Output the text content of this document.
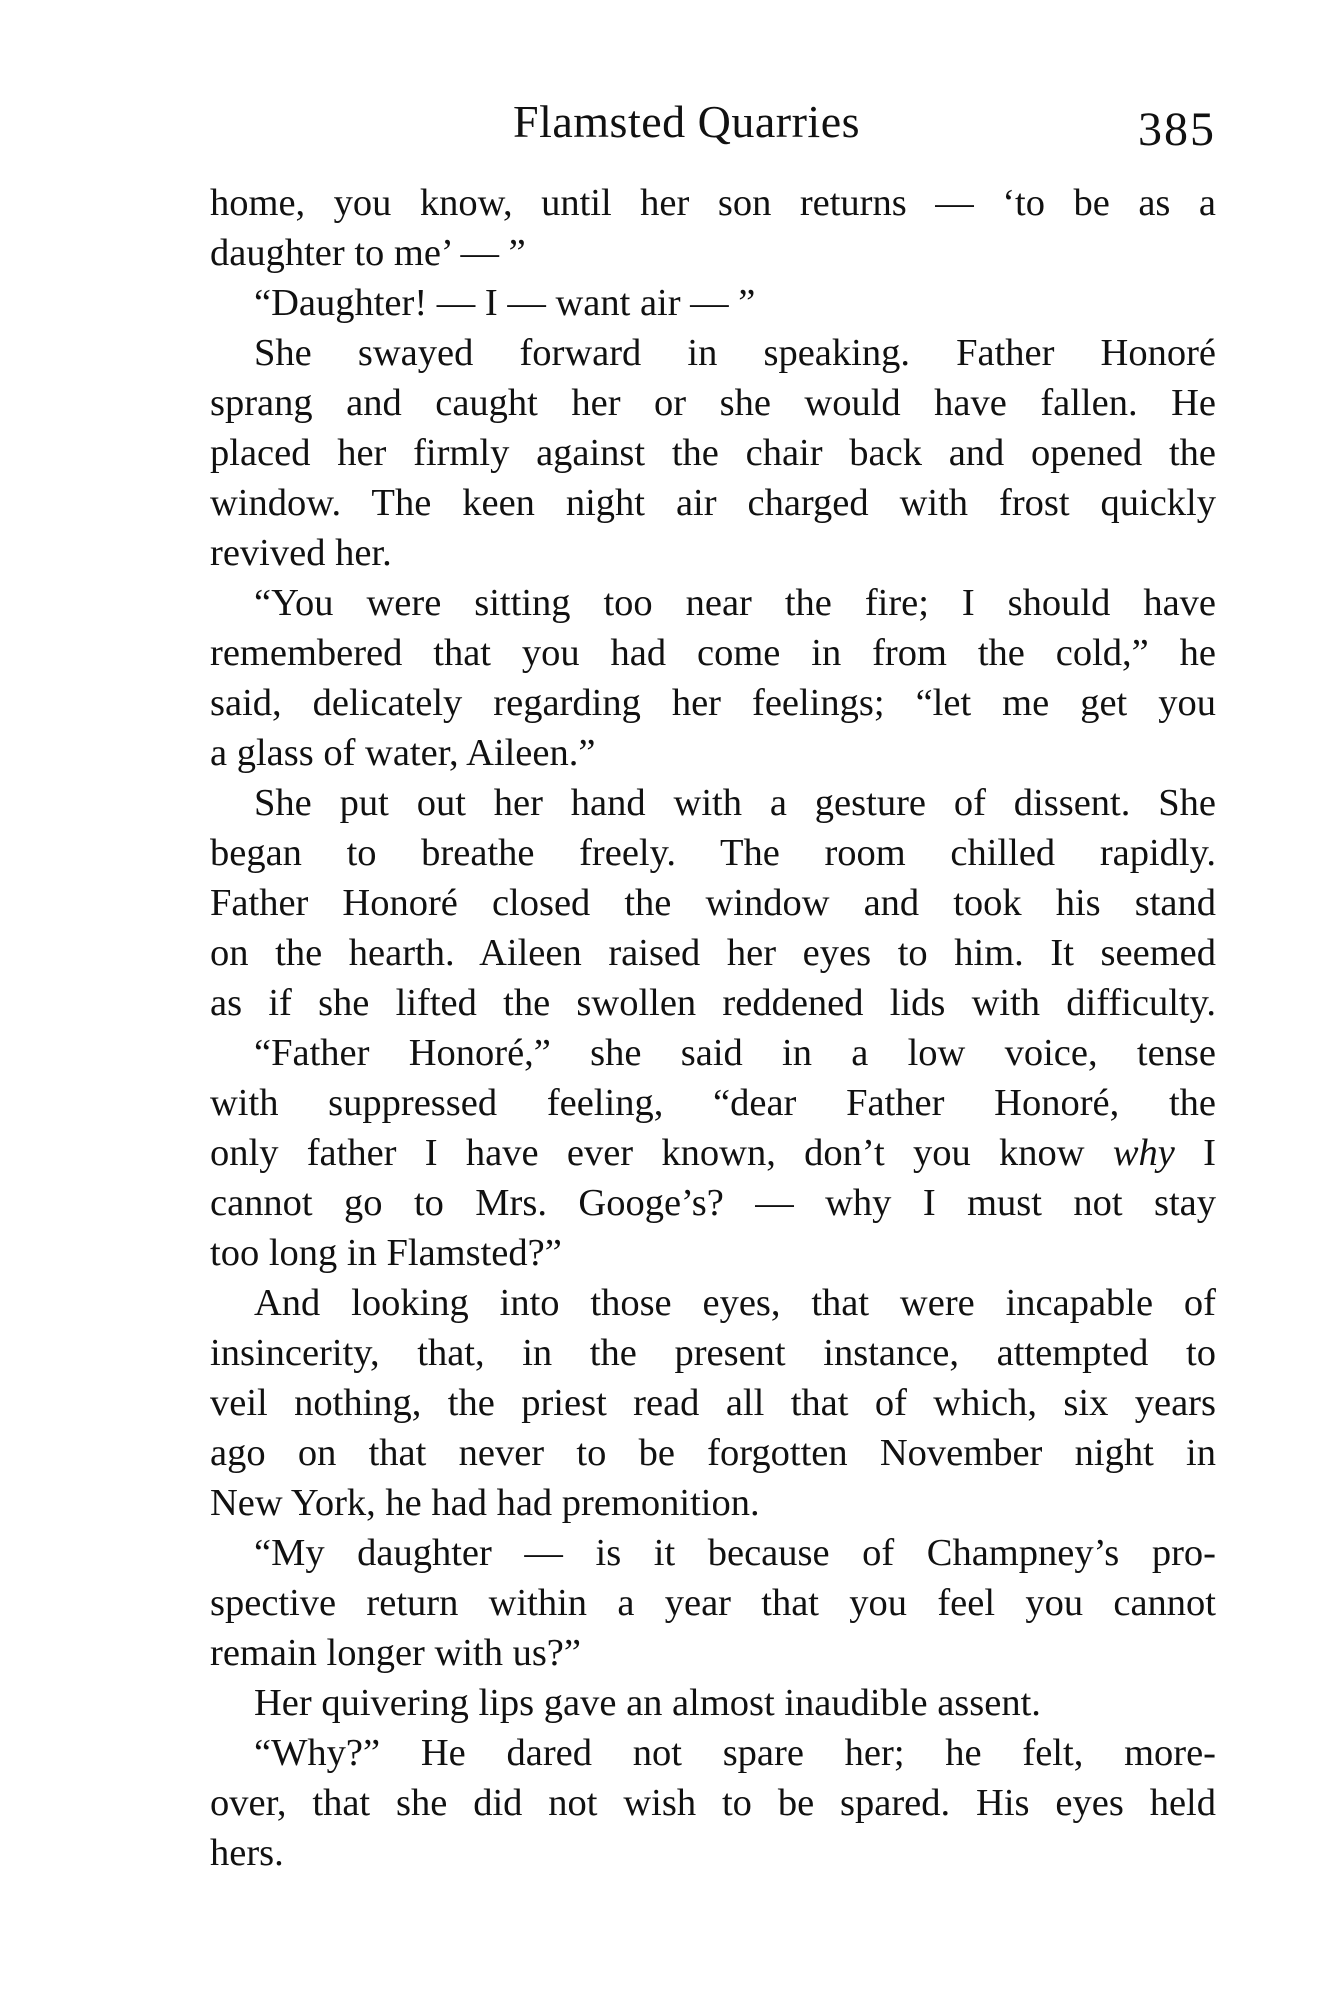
Flamsted Quarries	385
home, you know, until her son returns — ‘to be as a
daughter to me’ — ”
“Daughter! — I — want air — ”
She swayed forward in speaking. Father Honoré
sprang and caught her or she would have fallen. He
placed her firmly against the chair back and opened the
window. The keen night air charged with frost quickly
revived her.
“You were sitting too near the fire; I should have
remembered that you had come in from the cold,” he
said, delicately regarding her feelings; “let me get you
a glass of water, Aileen.”
She put out her hand with a gesture of dissent. She
began to breathe freely. The room chilled rapidly.
Father Honoré closed the window and took his stand
on the hearth. Aileen raised her eyes to him. It seemed
as if she lifted the swollen reddened lids with difficulty.
“Father Honoré,” she said in a low voice, tense
with suppressed feeling, “dear Father Honoré, the
only father I have ever known, don’t you know why I
cannot go to Mrs. Googe’s? — why I must not stay
too long in Flamsted?”
And looking into those eyes, that were incapable of
insincerity, that, in the present instance, attempted to
veil nothing, the priest read all that of which, six years
ago on that never to be forgotten November night in
New York, he had had premonition.
“My daughter — is it because of Champney’s pro-
spective return within a year that you feel you cannot
remain longer with us?”
Her quivering lips gave an almost inaudible assent.
“Why?” He dared not spare her; he felt, more-
over, that she did not wish to be spared. His eyes held
hers.
